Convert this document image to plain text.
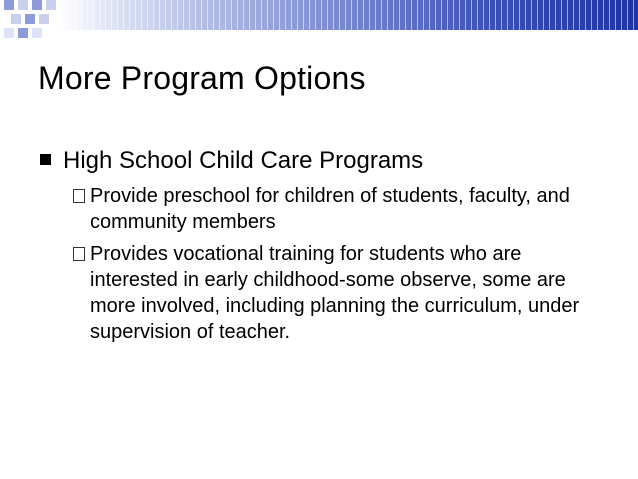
More Program Options
High School Child Care Programs

Provide preschool for children of students, faculty, and community members

Provides vocational training for students who are interested in early childhood-some observe, some are more involved, including planning the curriculum, under supervision of teacher.
